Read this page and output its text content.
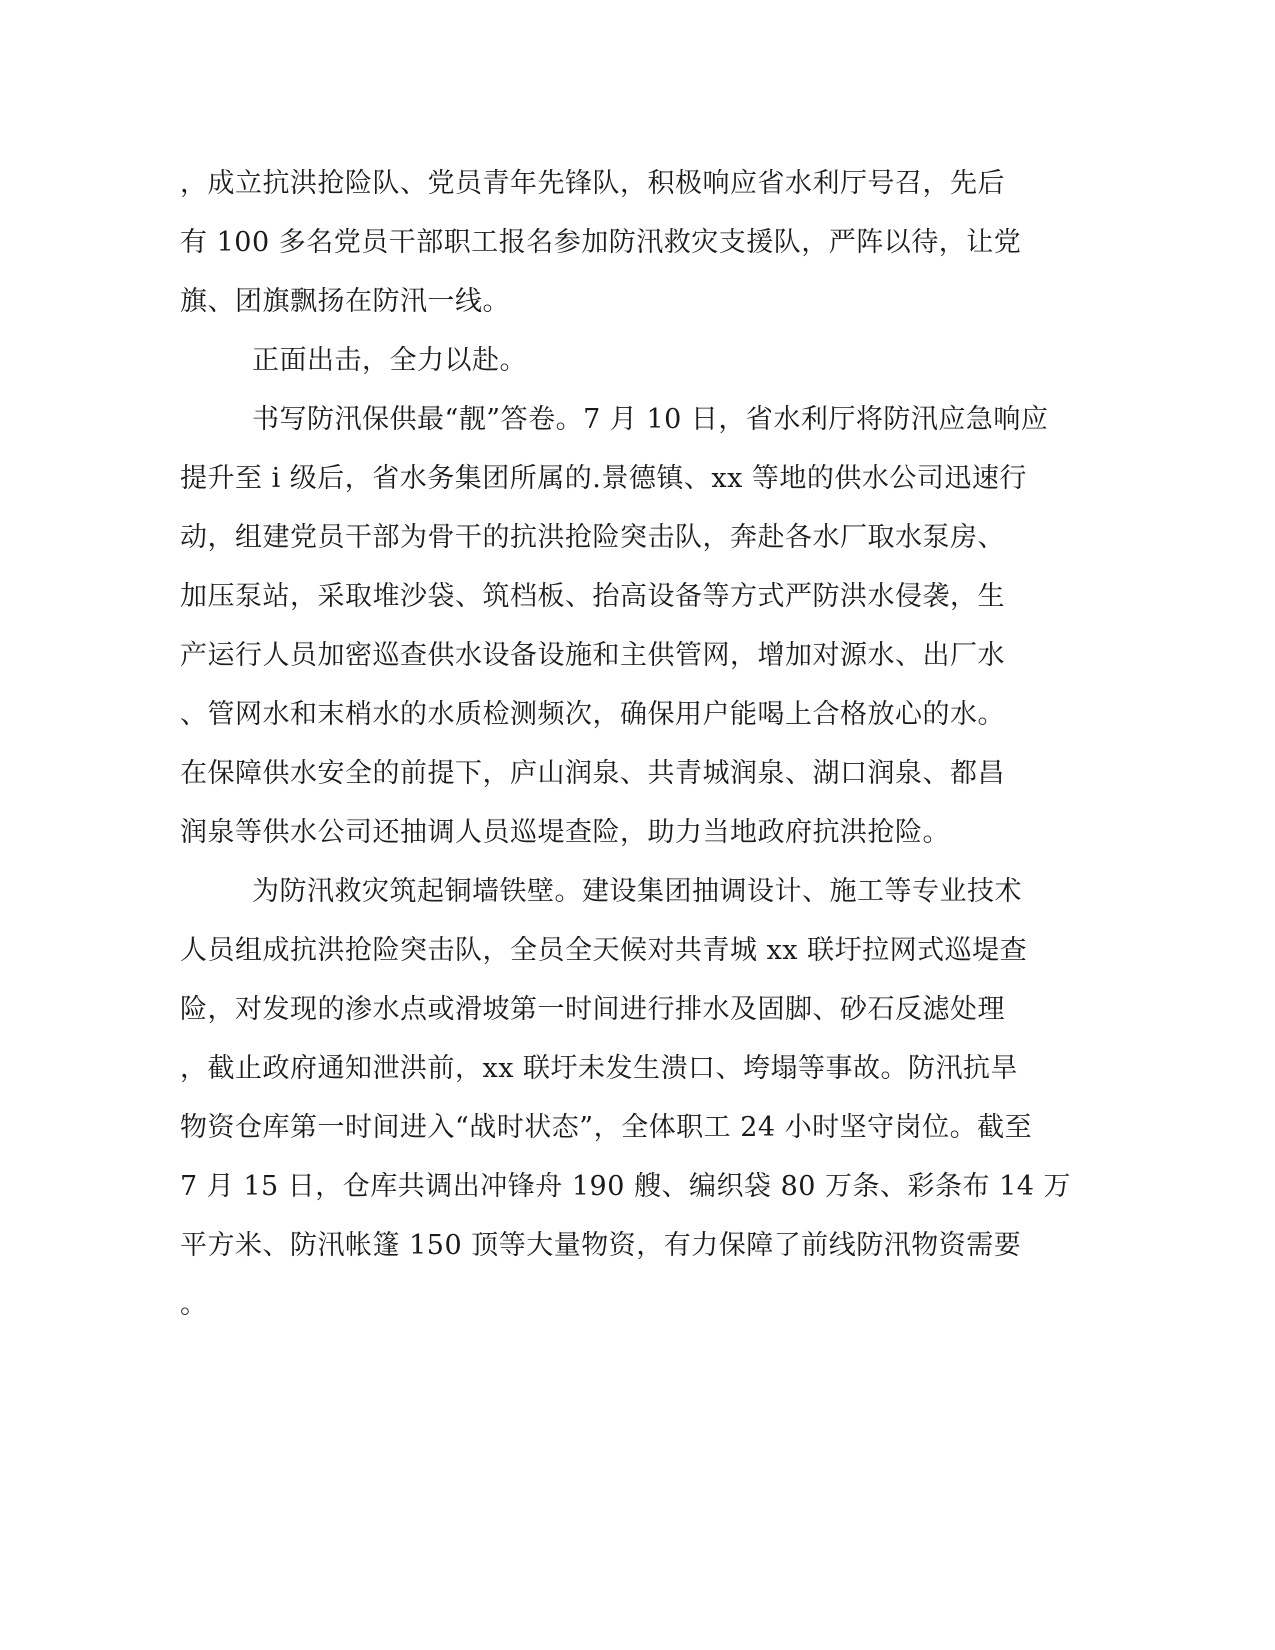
，成立抗洪抢险队、党员青年先锋队，积极响应省水利厅号召，先后
有 100 多名党员干部职工报名参加防汛救灾支援队，严阵以待，让党
旗、团旗飘扬在防汛一线。
正面出击，全力以赴。
书写防汛保供最“靓”答卷。7 月 10 日，省水利厅将防汛应急响应
提升至 i 级后，省水务集团所属的.景德镇、xx 等地的供水公司迅速行
动，组建党员干部为骨干的抗洪抢险突击队，奔赴各水厂取水泵房、
加压泵站，采取堆沙袋、筑档板、抬高设备等方式严防洪水侵袭，生
产运行人员加密巡查供水设备设施和主供管网，增加对源水、出厂水
、管网水和末梢水的水质检测频次，确保用户能喝上合格放心的水。
在保障供水安全的前提下，庐山润泉、共青城润泉、湖口润泉、都昌
润泉等供水公司还抽调人员巡堤查险，助力当地政府抗洪抢险。
为防汛救灾筑起铜墙铁壁。建设集团抽调设计、施工等专业技术
人员组成抗洪抢险突击队，全员全天候对共青城 xx 联圩拉网式巡堤查
险，对发现的渗水点或滑坡第一时间进行排水及固脚、砂石反滤处理
，截止政府通知泄洪前，xx 联圩未发生溃口、垮塌等事故。防汛抗旱
物资仓库第一时间进入“战时状态”，全体职工 24 小时坚守岗位。截至
7 月 15 日，仓库共调出冲锋舟 190 艘、编织袋 80 万条、彩条布 14 万
平方米、防汛帐篷 150 顶等大量物资，有力保障了前线防汛物资需要
。
